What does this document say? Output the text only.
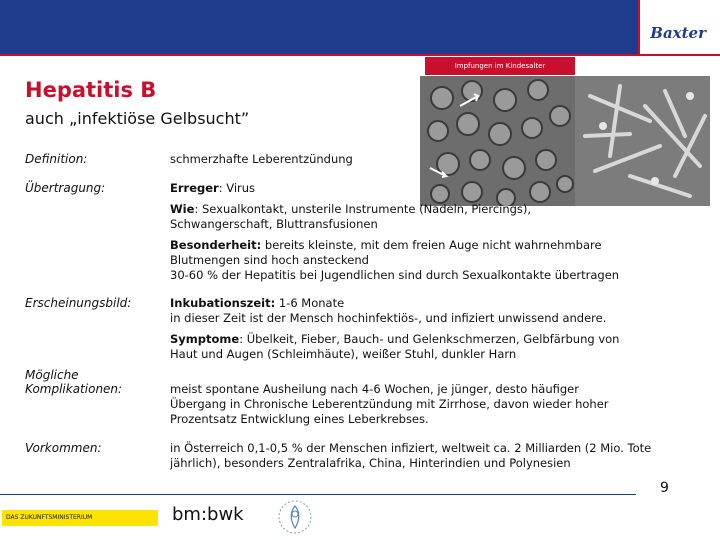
Baxter
Impfungen im Kindesalter
Hepatitis B
auch „infektiöse Gelbsucht”
Definition:	schmerzhafte Leberentzündung
Übertragung:	Erreger: Virus
Wie: Sexualkontakt, unsterile Instrumente (Nadeln, Piercings), Schwangerschaft, Bluttransfusionen
Besonderheit: bereits kleinste, mit dem freien Auge nicht wahrnehmbare Blutmengen sind hoch ansteckend
30-60 % der Hepatitis bei Jugendlichen sind durch Sexualkontakte übertragen
Erscheinungsbild:	Inkubationszeit: 1-6 Monate
in dieser Zeit ist der Mensch hochinfektiös-, und infiziert unwissend andere.
Symptome: Übelkeit, Fieber, Bauch- und Gelenkschmerzen, Gelbfärbung von Haut und Augen (Schleimhäute), weißer Stuhl, dunkler Harn
Mögliche
Komplikationen:	meist spontane Ausheilung nach 4-6 Wochen, je jünger, desto häufiger Übergang in Chronische Leberentzündung mit Zirrhose, davon wieder hoher Prozentsatz Entwicklung eines Leberkrebses.
Vorkommen:	in Österreich 0,1-0,5 % der Menschen infiziert, weltweit ca. 2 Milliarden (2 Mio. Tote jährlich), besonders Zentralafrika, China, Hinterindien und Polynesien
9
DAS ZUKUNFTSMINISTERIUM	bm:bwk
